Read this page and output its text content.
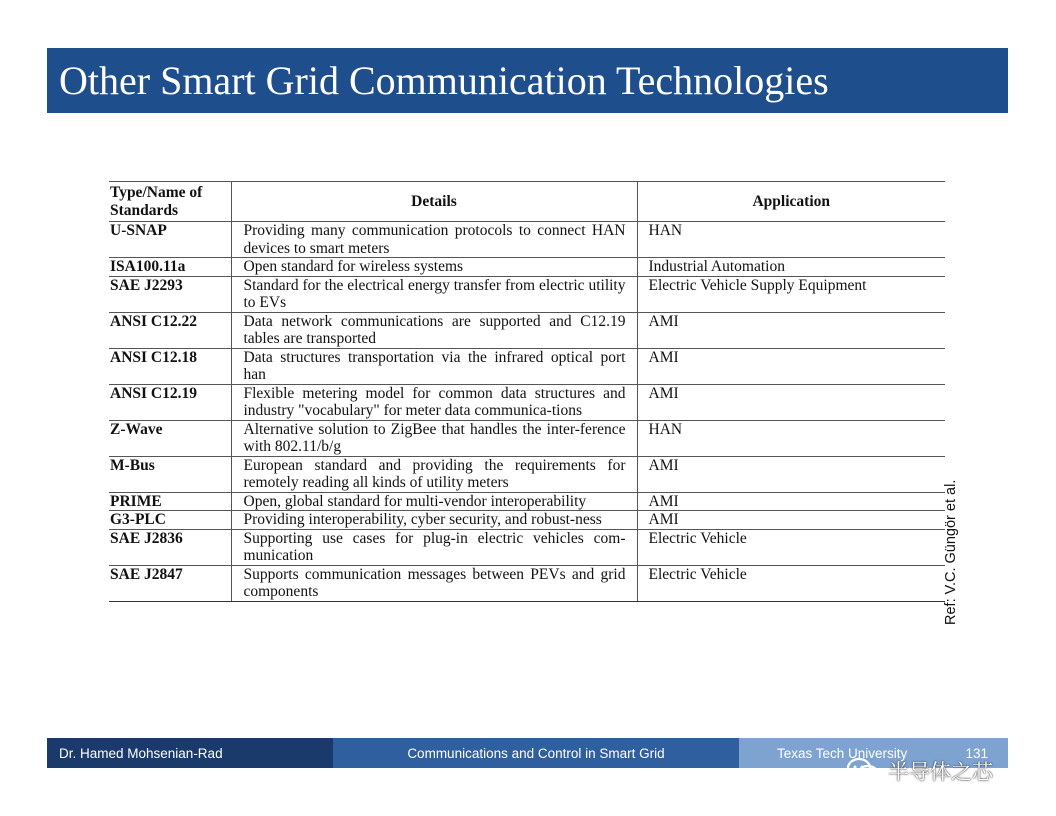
Other Smart Grid Communication Technologies
Type/Name of Standards	Details	Application
U-SNAP	Providing many communication protocols to connect HAN devices to smart meters	HAN
ISA100.11a	Open standard for wireless systems	Industrial Automation
SAE J2293	Standard for the electrical energy transfer from electric utility to EVs	Electric Vehicle Supply Equipment
ANSI C12.22	Data network communications are supported and C12.19 tables are transported	AMI
ANSI C12.18	Data structures transportation via the infrared optical port han	AMI
ANSI C12.19	Flexible metering model for common data structures and industry "vocabulary" for meter data communica-tions	AMI
Z-Wave	Alternative solution to ZigBee that handles the inter-ference with 802.11/b/g	HAN
M-Bus	European standard and providing the requirements for remotely reading all kinds of utility meters	AMI
PRIME	Open, global standard for multi-vendor interoperability	AMI
G3-PLC	Providing interoperability, cyber security, and robust-ness	AMI
SAE J2836	Supporting use cases for plug-in electric vehicles com-munication	Electric Vehicle
SAE J2847	Supports communication messages between PEVs and grid components	Electric Vehicle	Ref: V.C. Güngör et al.
Dr. Hamed Mohsenian-Rad	Communications and Control in Smart Grid	Texas Tech University	131
半导体之芯
